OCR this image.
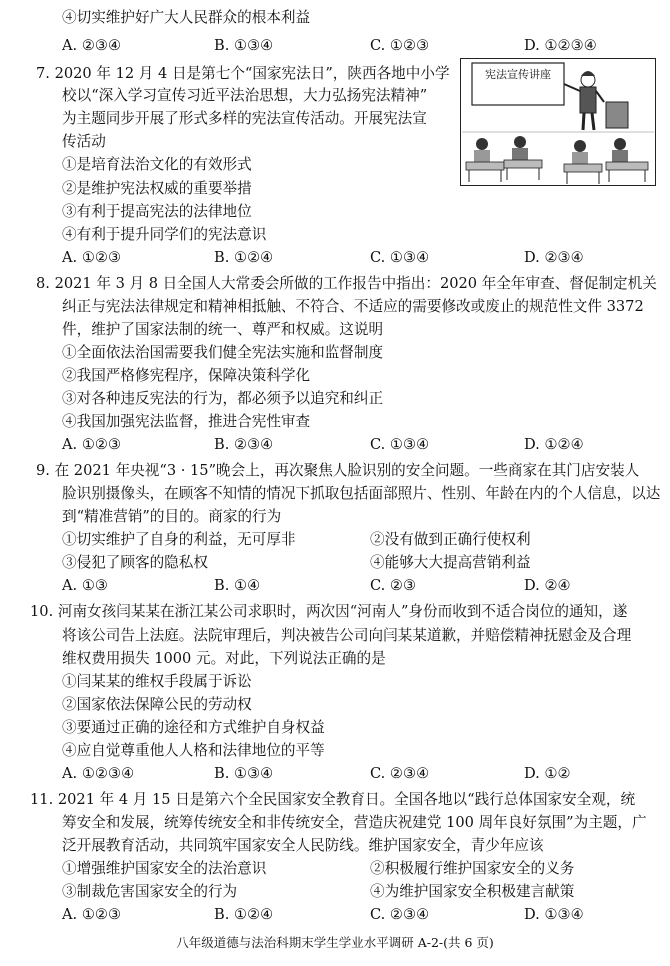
④切实维护好广大人民群众的根本利益
A. ②③④	B. ①③④	C. ①②③	D. ①②③④
7. 2020 年 12 月 4 日是第七个“国家宪法日”，陕西各地中小学
校以“深入学习宣传习近平法治思想，大力弘扬宪法精神”
为主题同步开展了形式多样的宪法宣传活动。开展宪法宣
传活动
①是培育法治文化的有效形式
②是维护宪法权威的重要举措
③有利于提高宪法的法律地位
④有利于提升同学们的宪法意识
A. ①②③	B. ①②④	C. ①③④	D. ②③④
宪法宣传讲座
8. 2021 年 3 月 8 日全国人大常委会所做的工作报告中指出：2020 年全年审查、督促制定机关
纠正与宪法法律规定和精神相抵触、不符合、不适应的需要修改或废止的规范性文件 3372
件，维护了国家法制的统一、尊严和权威。这说明
①全面依法治国需要我们健全宪法实施和监督制度
②我国严格修宪程序，保障决策科学化
③对各种违反宪法的行为，都必须予以追究和纠正
④我国加强宪法监督，推进合宪性审查
A. ①②③	B. ②③④	C. ①③④	D. ①②④
9. 在 2021 年央视“3 · 15”晚会上，再次聚焦人脸识别的安全问题。一些商家在其门店安装人
脸识别摄像头，在顾客不知情的情况下抓取包括面部照片、性别、年龄在内的个人信息，以达
到“精准营销”的目的。商家的行为
①切实维护了自身的利益，无可厚非	②没有做到正确行使权利
③侵犯了顾客的隐私权	④能够大大提高营销利益
A. ①③	B. ①④	C. ②③	D. ②④
10. 河南女孩闫某某在浙江某公司求职时，两次因“河南人”身份而收到不适合岗位的通知，遂
将该公司告上法庭。法院审理后，判决被告公司向闫某某道歉，并赔偿精神抚慰金及合理
维权费用损失 1000 元。对此，下列说法正确的是
①闫某某的维权手段属于诉讼
②国家依法保障公民的劳动权
③要通过正确的途径和方式维护自身权益
④应自觉尊重他人人格和法律地位的平等
A. ①②③④	B. ①③④	C. ②③④	D. ①②
11. 2021 年 4 月 15 日是第六个全民国家安全教育日。全国各地以“践行总体国家安全观，统
筹安全和发展，统筹传统安全和非传统安全，营造庆祝建党 100 周年良好氛围”为主题，广
泛开展教育活动，共同筑牢国家安全人民防线。维护国家安全，青少年应该
①增强维护国家安全的法治意识	②积极履行维护国家安全的义务
③制裁危害国家安全的行为	④为维护国家安全积极建言献策
A. ①②③	B. ①②④	C. ②③④	D. ①③④
八年级道德与法治科期末学生学业水平调研 A-2-(共 6 页)
